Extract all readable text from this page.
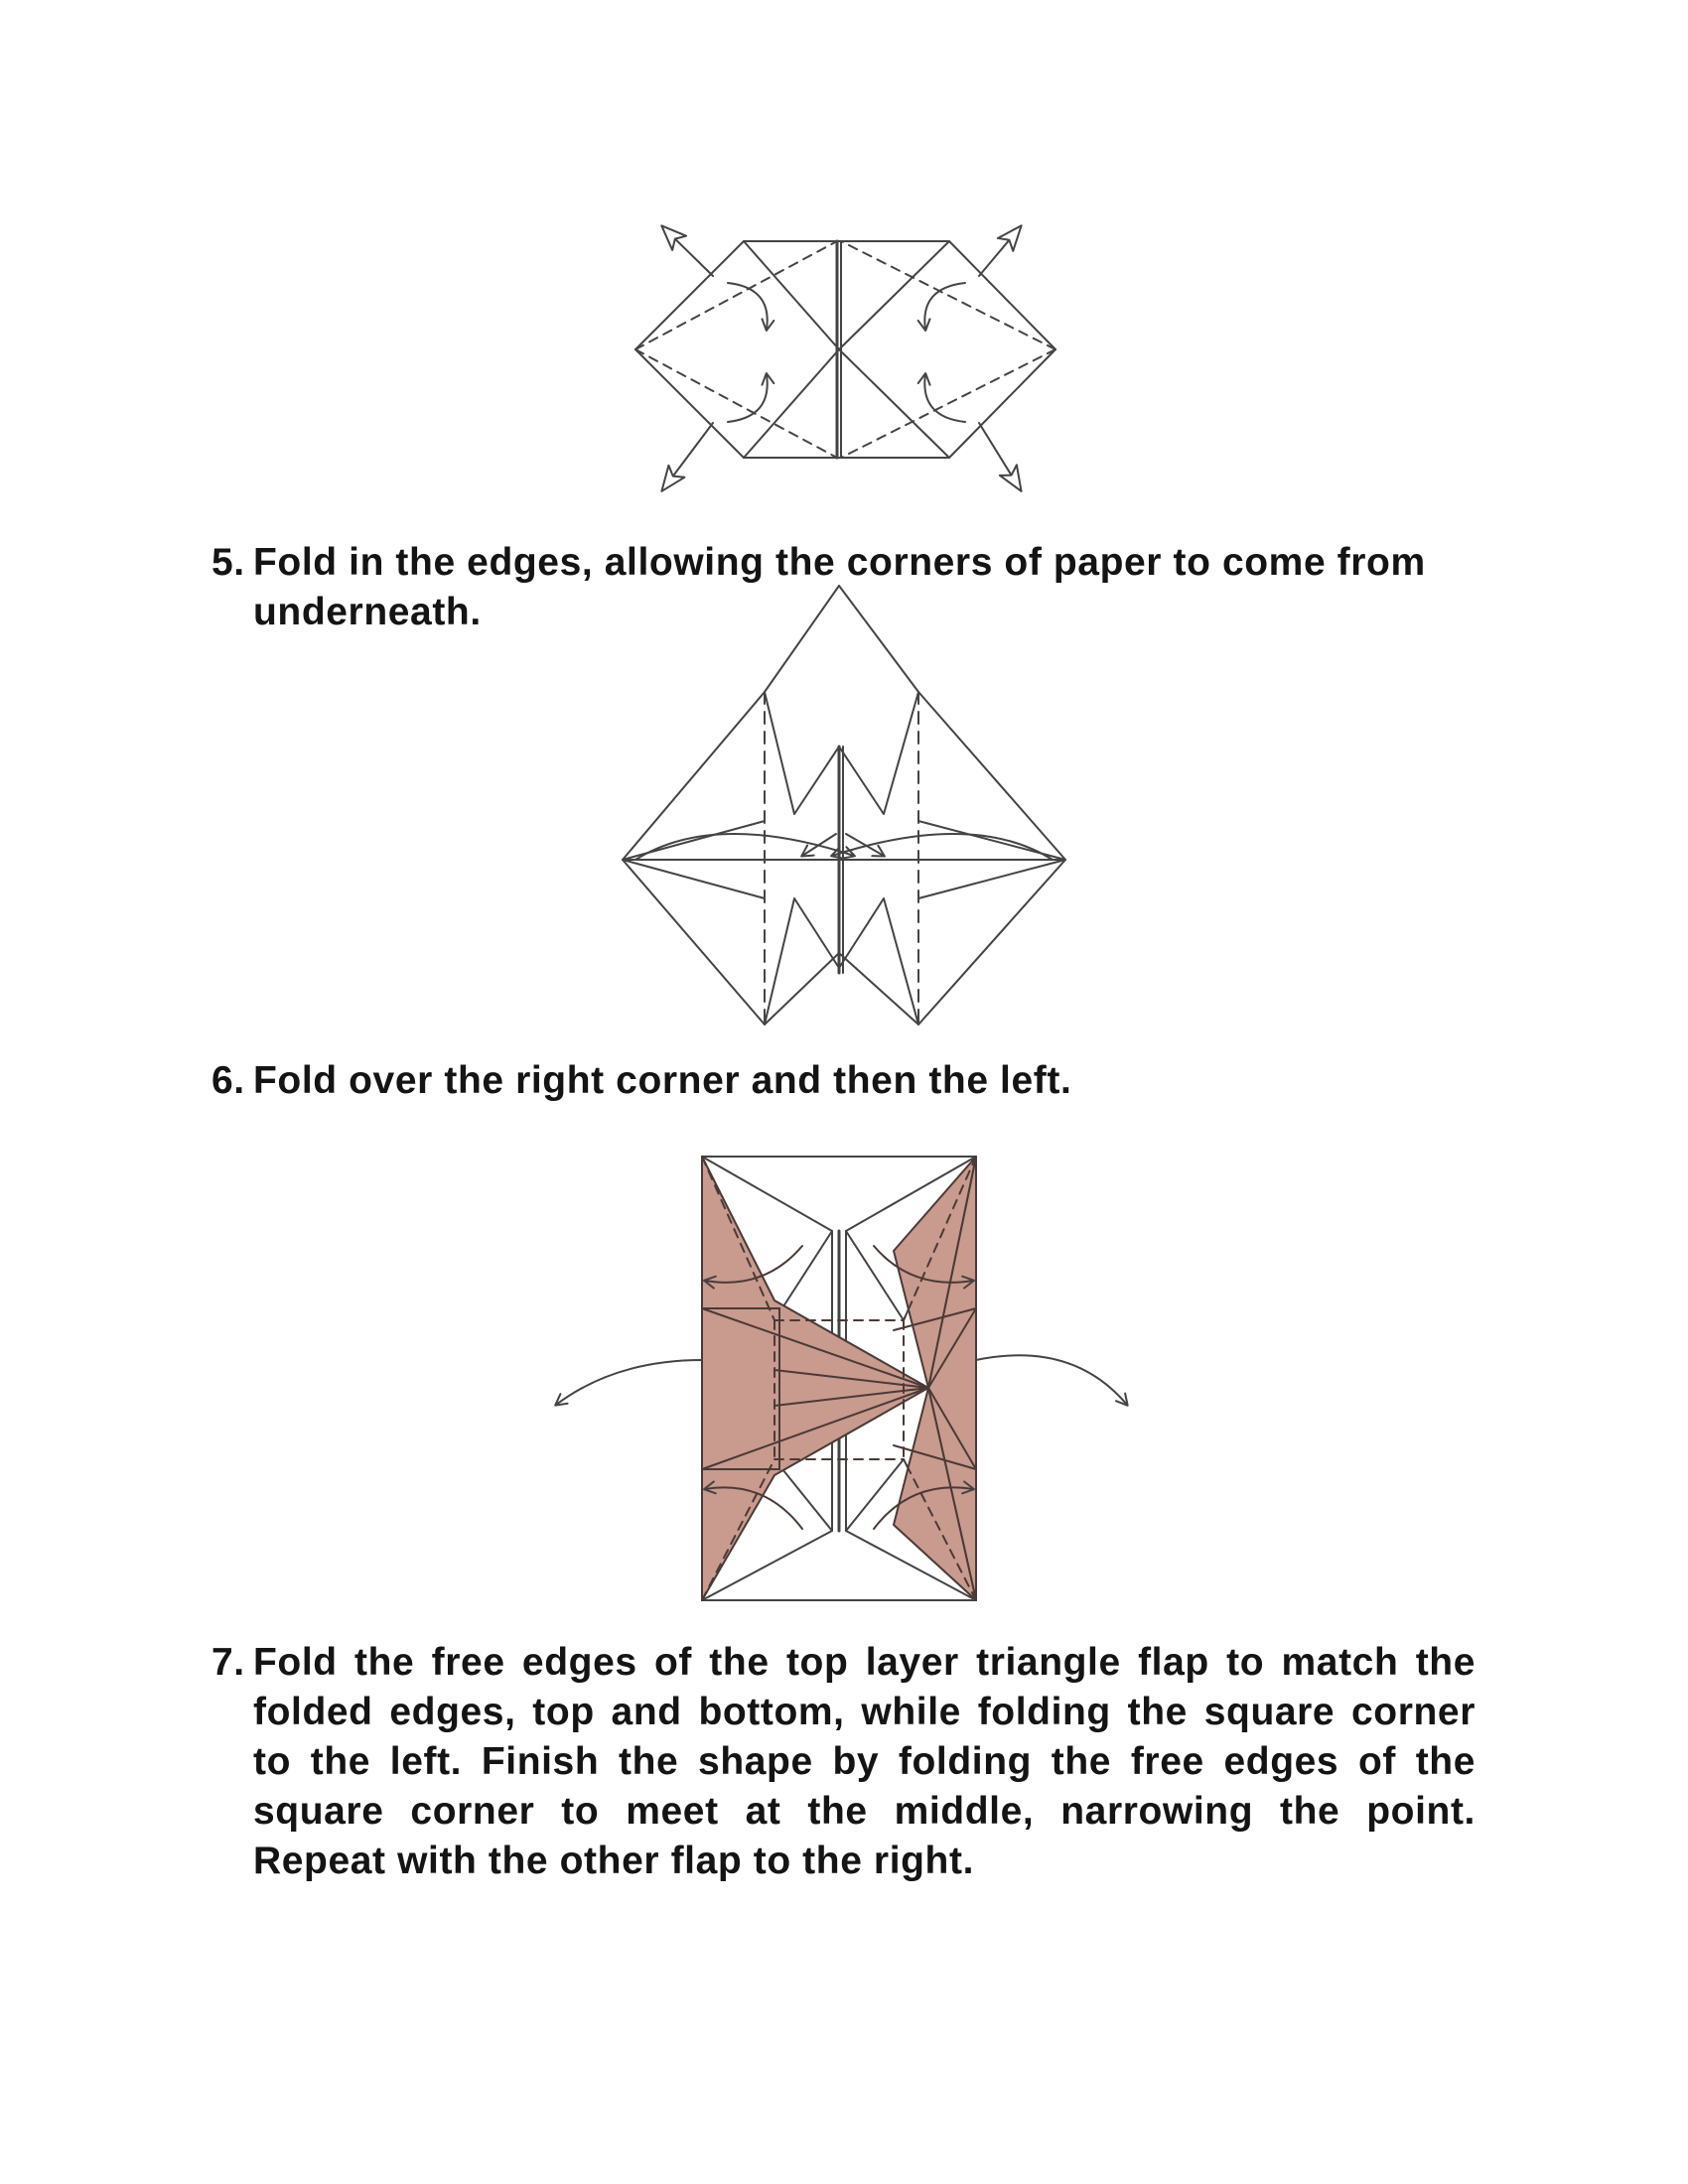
5. Fold in the edges, allowing the corners of paper to come from underneath.
6. Fold over the right corner and then the left.
7. Fold the free edges of the top layer triangle flap to match the folded edges, top and bottom, while folding the square corner to the left. Finish the shape by folding the free edges of the square corner to meet at the middle, narrowing the point. Repeat with the other flap to the right.
